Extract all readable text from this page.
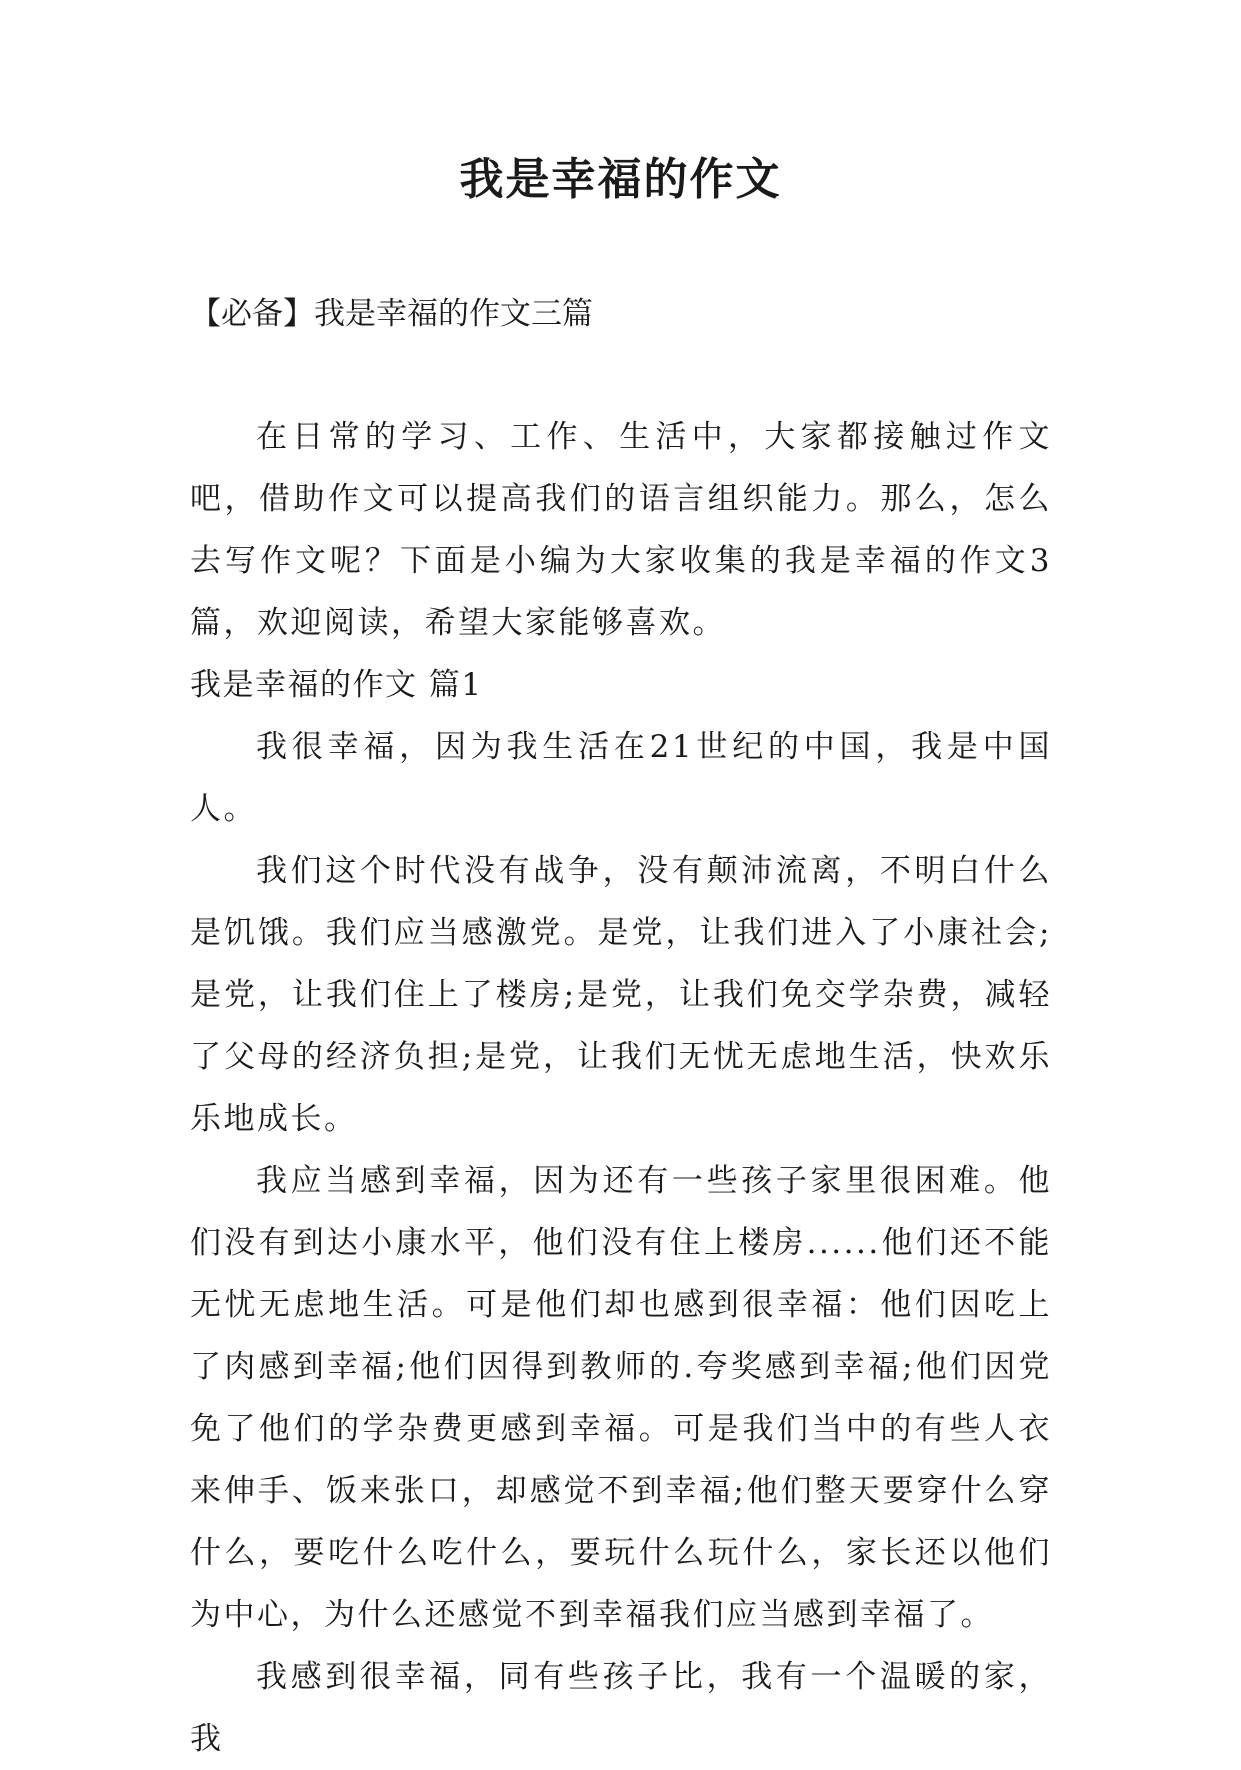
我是幸福的作文

【必备】我是幸福的作文三篇

在日常的学习、工作、生活中，大家都接触过作文吧，借助作文可以提高我们的语言组织能力。那么，怎么去写作文呢？下面是小编为大家收集的我是幸福的作文3篇，欢迎阅读，希望大家能够喜欢。

我是幸福的作文 篇1

我很幸福，因为我生活在21世纪的中国，我是中国人。

我们这个时代没有战争，没有颠沛流离，不明白什么是饥饿。我们应当感激党。是党，让我们进入了小康社会;是党，让我们住上了楼房;是党，让我们免交学杂费，减轻了父母的经济负担;是党，让我们无忧无虑地生活，快欢乐乐地成长。

我应当感到幸福，因为还有一些孩子家里很困难。他们没有到达小康水平，他们没有住上楼房......他们还不能无忧无虑地生活。可是他们却也感到很幸福：他们因吃上了肉感到幸福;他们因得到教师的.夸奖感到幸福;他们因党免了他们的学杂费更感到幸福。可是我们当中的有些人衣来伸手、饭来张口，却感觉不到幸福;他们整天要穿什么穿什么，要吃什么吃什么，要玩什么玩什么，家长还以他们为中心，为什么还感觉不到幸福我们应当感到幸福了。

我感到很幸福，同有些孩子比，我有一个温暖的家，我
